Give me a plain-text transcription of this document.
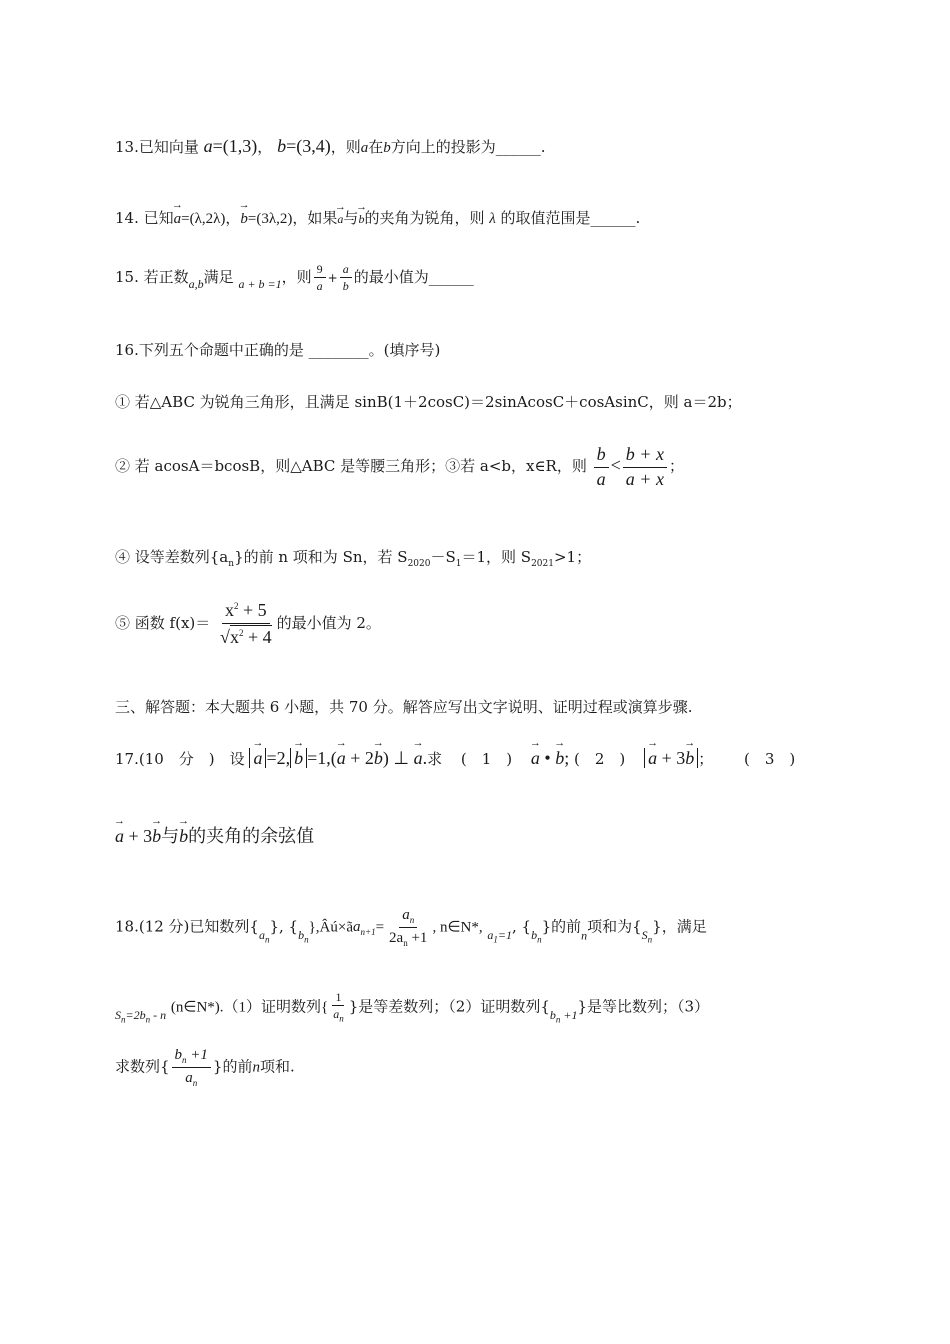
13.已知向量 a=(1,3)， b=(3,4)，则a在b方向上的投影为______.
14. 已知→ a=(λ,2λ)，→ b=(3λ,2)，如果→ a与→ b的夹角为锐角，则 λ 的取值范围是______.
15. 若正数$_{a,b}$满足 $_{a + b =1}$，则 $\frac{9}{a} + \frac{a}{b}$ 的最小值为______
16.下列五个命题中正确的是 ________。(填序号)
① 若△ABC 为锐角三角形，且满足 sinB(1＋2cosC)＝2sinAcosC＋cosAsinC，则 a＝2b；
② 若 acosA＝bcosB，则△ABC 是等腰三角形；③若 a<b，x∈R，则 $\frac{b}{a} < \frac{b + x}{a + x}$ ；
④ 设等差数列$\{a_n\}$的前 n 项和为 Sn，若 $S_{2020}-S_1=1$，则 $S_{2021}>1$；
⑤ 函数 $f(x)= \frac{x^2 + 5}{√x^2 + 4}$ 的最小值为 2。
三、解答题：本大题共 6 小题，共 70 分。解答应写出文字说明、证明过程或演算步骤.
17.(10　分　)　设 → a =2, → b =1,(→ a + 2→ b) ⊥ → a.求 (　1　) → a • → b; (　2　) → a + 3→ b ； (　3　)
→ a + 3→ b与→ b的夹角的余弦值
18.(12 分)已知数列$\{_{a_n}\}$, $\{_{b_n}\},Âú\times ãa_{n+1}= \frac{a_n}{2a_n +1}$ , n∈N*, $_{a_1=1}$, $\{_{b_n}\}$的前$_n$项和为$\{_{S_n}\}$，满足
$_{S_n=2b_n - n}$ (n∈N*).（1）证明数列{ $\frac{1}{a_n}$ }是等差数列；（2）证明数列$\{_{b_n +1}\}$是等比数列；（3）
求数列{ $\frac{b_n +1}{a_n}$ }的前n项和.
